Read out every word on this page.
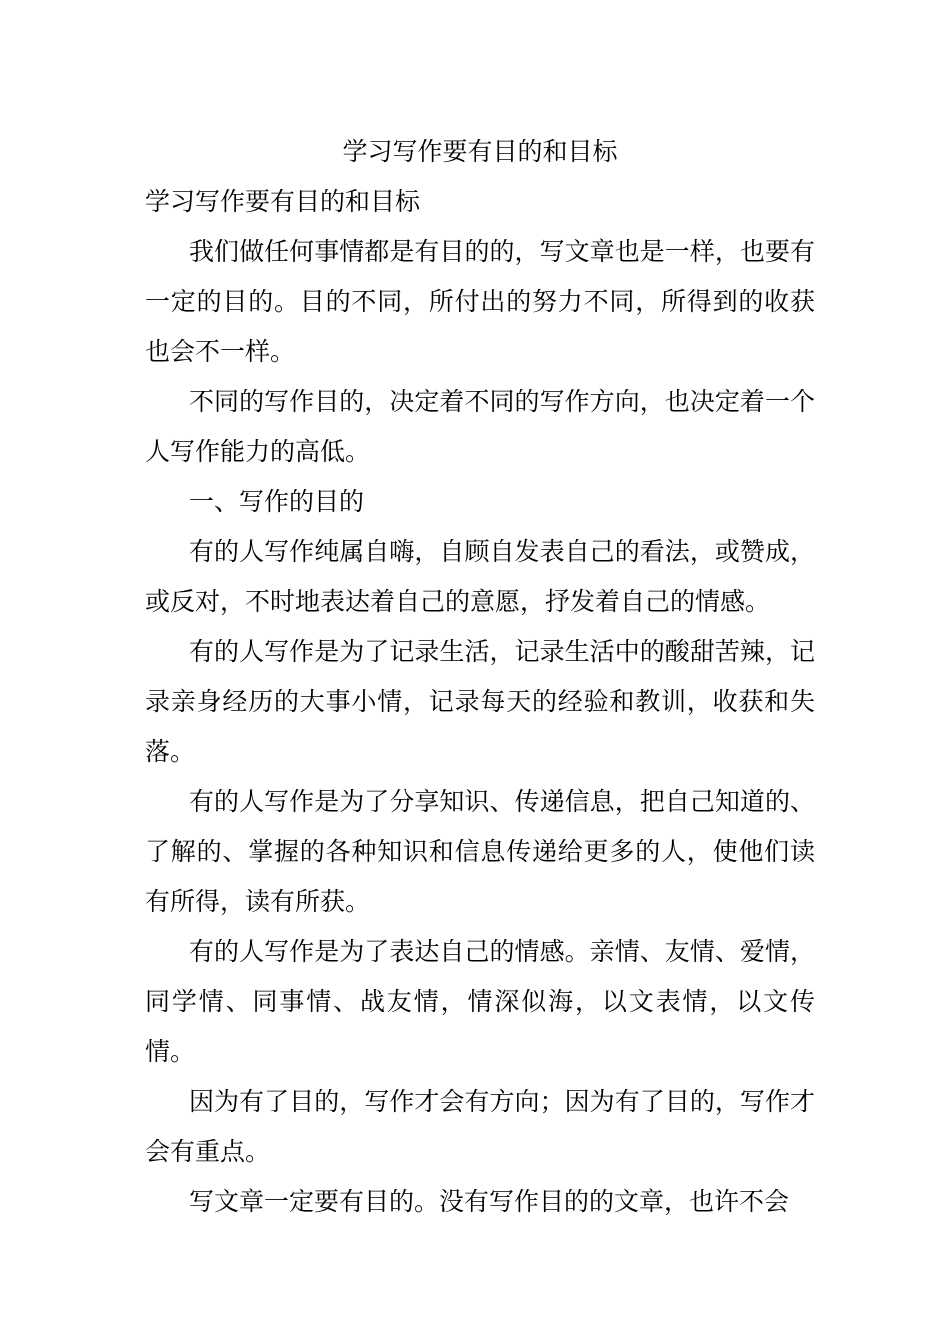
学习写作要有目的和目标

学习写作要有目的和目标

我们做任何事情都是有目的的，写文章也是一样，也要有一定的目的。目的不同，所付出的努力不同，所得到的收获也会不一样。

不同的写作目的，决定着不同的写作方向，也决定着一个人写作能力的高低。

一、写作的目的

有的人写作纯属自嗨，自顾自发表自己的看法，或赞成，或反对，不时地表达着自己的意愿，抒发着自己的情感。

有的人写作是为了记录生活，记录生活中的酸甜苦辣，记录亲身经历的大事小情，记录每天的经验和教训，收获和失落。

有的人写作是为了分享知识、传递信息，把自己知道的、了解的、掌握的各种知识和信息传递给更多的人，使他们读有所得，读有所获。

有的人写作是为了表达自己的情感。亲情、友情、爱情，同学情、同事情、战友情，情深似海，以文表情，以文传情。

因为有了目的，写作才会有方向；因为有了目的，写作才会有重点。

写文章一定要有目的。没有写作目的的文章，也许不会
